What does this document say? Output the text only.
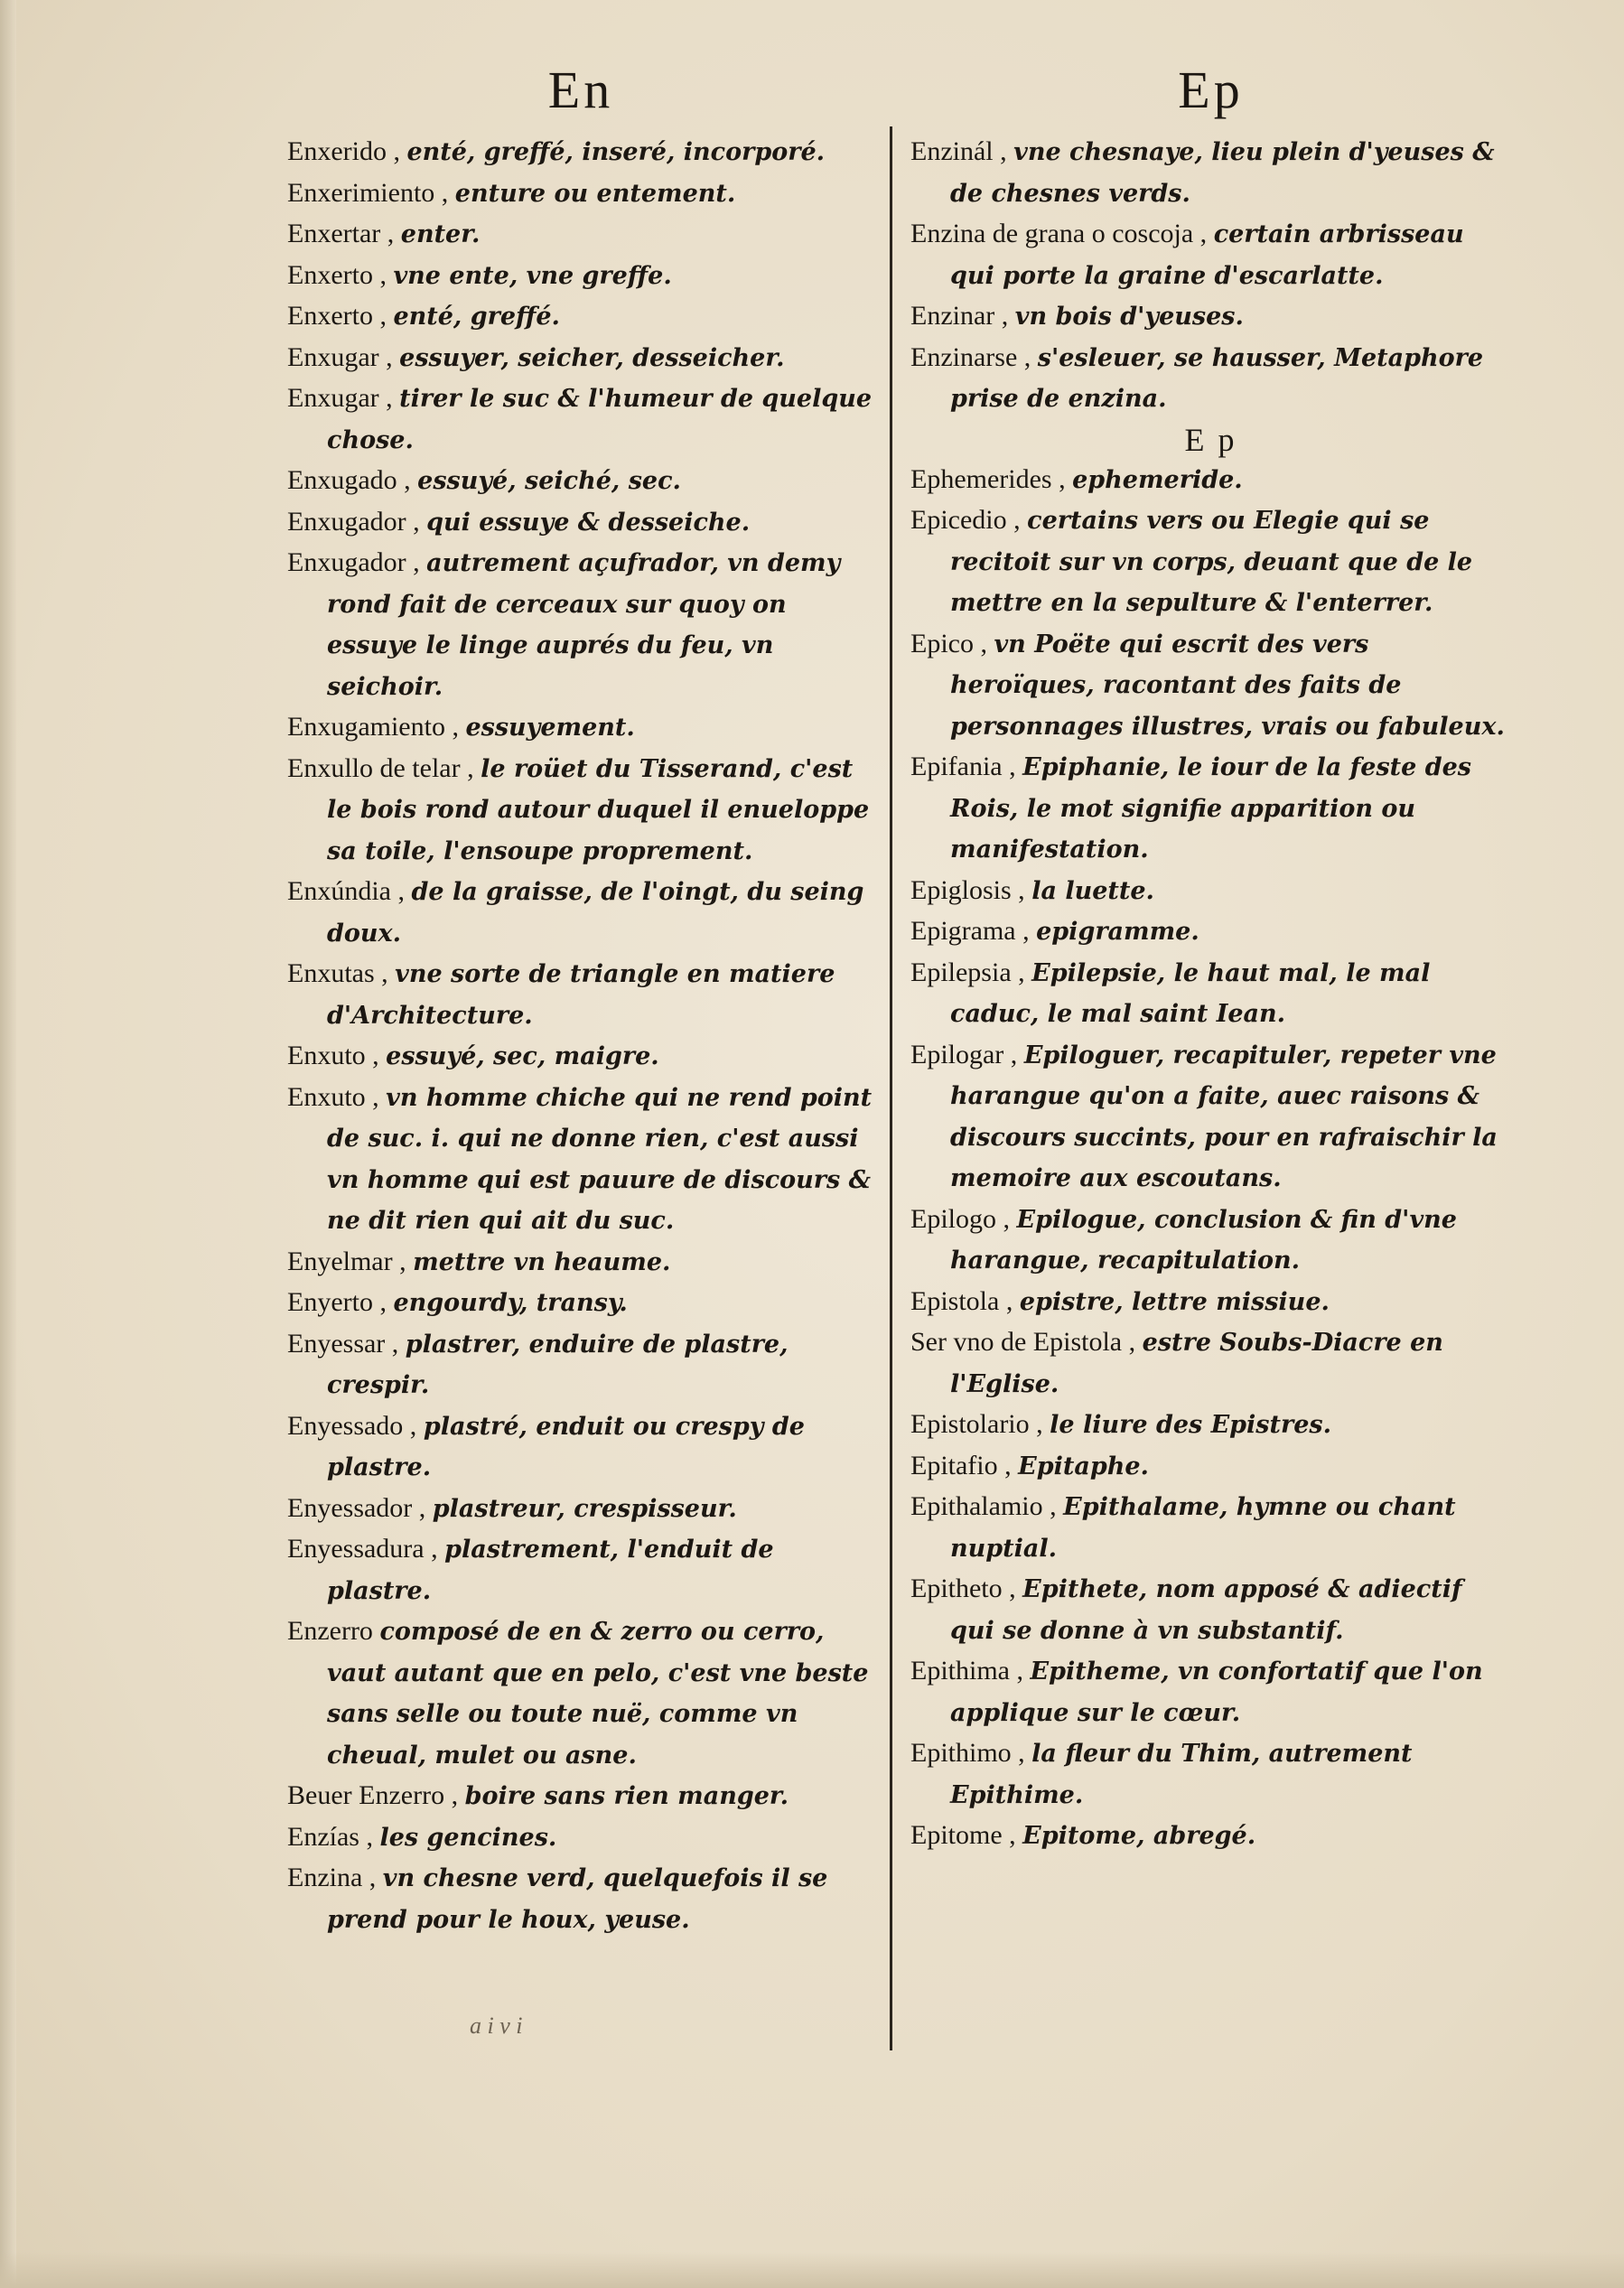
En

Enxerido , enté, greffé, inseré, incorporé.

Enxerimiento , enture ou entement.

Enxertar , enter.

Enxerto , vne ente, vne greffe.

Enxerto , enté, greffé.

Enxugar , essuyer, seicher, desseicher.

Enxugar , tirer le suc & l'humeur de quelque chose.

Enxugado , essuyé, seiché, sec.

Enxugador , qui essuye & desseiche.

Enxugador , autrement açufrador, vn demy rond fait de cerceaux sur quoy on essuye le linge auprés du feu, vn seichoir.

Enxugamiento , essuyement.

Enxullo de telar , le roüet du Tisserand, c'est le bois rond autour duquel il enueloppe sa toile, l'ensoupe proprement.

Enxúndia , de la graisse, de l'oingt, du seing doux.

Enxutas , vne sorte de triangle en matiere d'Architecture.

Enxuto , essuyé, sec, maigre.

Enxuto , vn homme chiche qui ne rend point de suc. i. qui ne donne rien, c'est aussi vn homme qui est pauure de discours & ne dit rien qui ait du suc.

Enyelmar , mettre vn heaume.

Enyerto , engourdy, transy.

Enyessar , plastrer, enduire de plastre, crespir.

Enyessado , plastré, enduit ou crespy de plastre.

Enyessador , plastreur, crespisseur.

Enyessadura , plastrement, l'enduit de plastre.

Enzerro composé de en & zerro ou cerro, vaut autant que en pelo, c'est vne beste sans selle ou toute nuë, comme vn cheual, mulet ou asne.

Beuer Enzerro , boire sans rien manger.

Enzías , les gencines.

Enzina , vn chesne verd, quelquefois il se prend pour le houx, yeuse.

Ep

Enzinál , vne chesnaye, lieu plein d'yeuses & de chesnes verds.

Enzina de grana o coscoja , certain arbrisseau qui porte la graine d'escarlatte.

Enzinar , vn bois d'yeuses.

Enzinarse , s'esleuer, se hausser, Metaphore prise de enzina.

E p

Ephemerides , ephemeride.

Epicedio , certains vers ou Elegie qui se recitoit sur vn corps, deuant que de le mettre en la sepulture & l'enterrer.

Epico , vn Poëte qui escrit des vers heroïques, racontant des faits de personnages illustres, vrais ou fabuleux.

Epifania , Epiphanie, le iour de la feste des Rois, le mot signifie apparition ou manifestation.

Epiglosis , la luette.

Epigrama , epigramme.

Epilepsia , Epilepsie, le haut mal, le mal caduc, le mal saint Iean.

Epilogar , Epiloguer, recapituler, repeter vne harangue qu'on a faite, auec raisons & discours succints, pour en rafraischir la memoire aux escoutans.

Epilogo , Epilogue, conclusion & fin d'vne harangue, recapitulation.

Epistola , epistre, lettre missiue.

Ser vno de Epistola , estre Soubs-Diacre en l'Eglise.

Epistolario , le liure des Epistres.

Epitafio , Epitaphe.

Epithalamio , Epithalame, hymne ou chant nuptial.

Epitheto , Epithete, nom apposé & adiectif qui se donne à vn substantif.

Epithima , Epitheme, vn confortatif que l'on applique sur le cœur.

Epithimo , la fleur du Thim, autrement Epithime.

Epitome , Epitome, abregé.

a i v i
